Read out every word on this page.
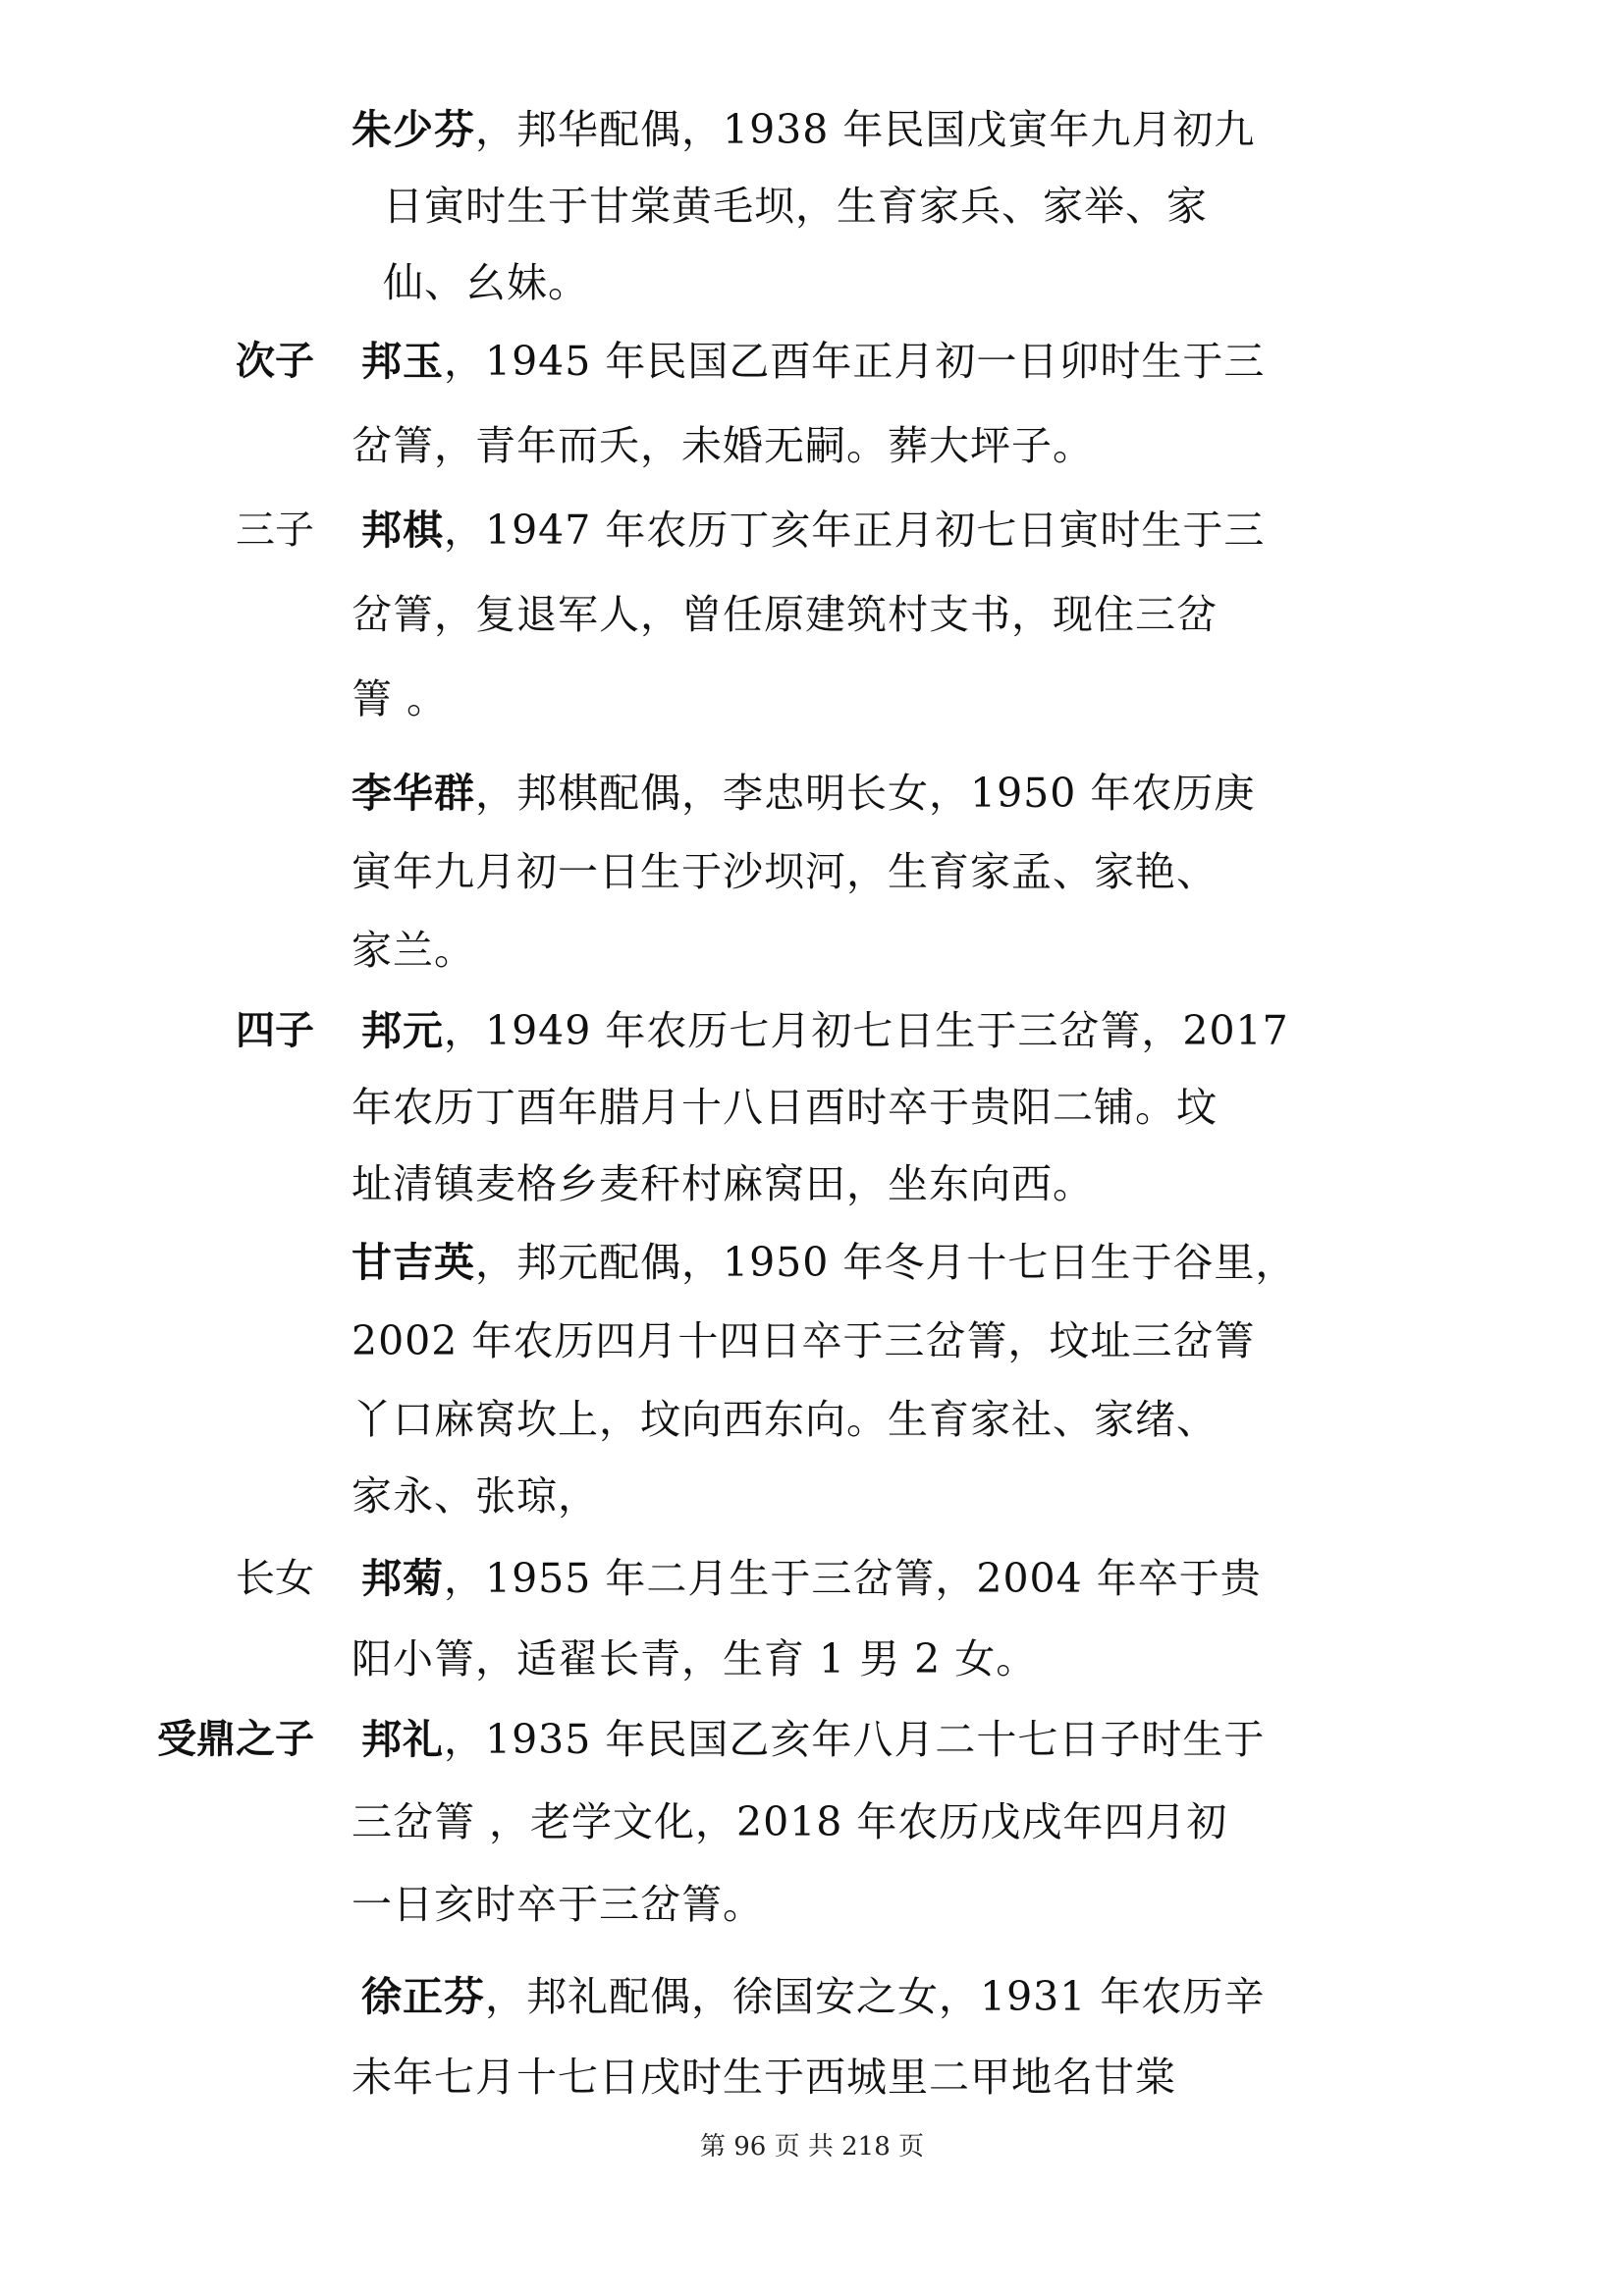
朱少芬，邦华配偶，1938 年民国戊寅年九月初九
日寅时生于甘棠黄毛坝，生育家兵、家举、家
仙、幺妹。
次子 邦玉，1945 年民国乙酉年正月初一日卯时生于三
岔箐，青年而夭，未婚无嗣。葬大坪子。
三子 邦棋，1947 年农历丁亥年正月初七日寅时生于三
岔箐，复退军人，曾任原建筑村支书，现住三岔
箐 。
李华群，邦棋配偶，李忠明长女，1950 年农历庚
寅年九月初一日生于沙坝河，生育家孟、家艳、
家兰。
四子 邦元，1949 年农历七月初七日生于三岔箐，2017
年农历丁酉年腊月十八日酉时卒于贵阳二铺。坟
址清镇麦格乡麦秆村麻窝田，坐东向西。
甘吉英，邦元配偶，1950 年冬月十七日生于谷里，
2002 年农历四月十四日卒于三岔箐，坟址三岔箐
丫口麻窝坎上，坟向西东向。生育家社、家绪、
家永、张琼，
长女 邦菊，1955 年二月生于三岔箐，2004 年卒于贵
阳小箐，适翟长青，生育 1 男 2 女。
受鼎之子 邦礼，1935 年民国乙亥年八月二十七日子时生于
三岔箐 ，老学文化，2018 年农历戊戌年四月初
一日亥时卒于三岔箐。
徐正芬，邦礼配偶，徐国安之女，1931 年农历辛
未年七月十七日戌时生于西城里二甲地名甘棠
第 96 页 共 218 页
